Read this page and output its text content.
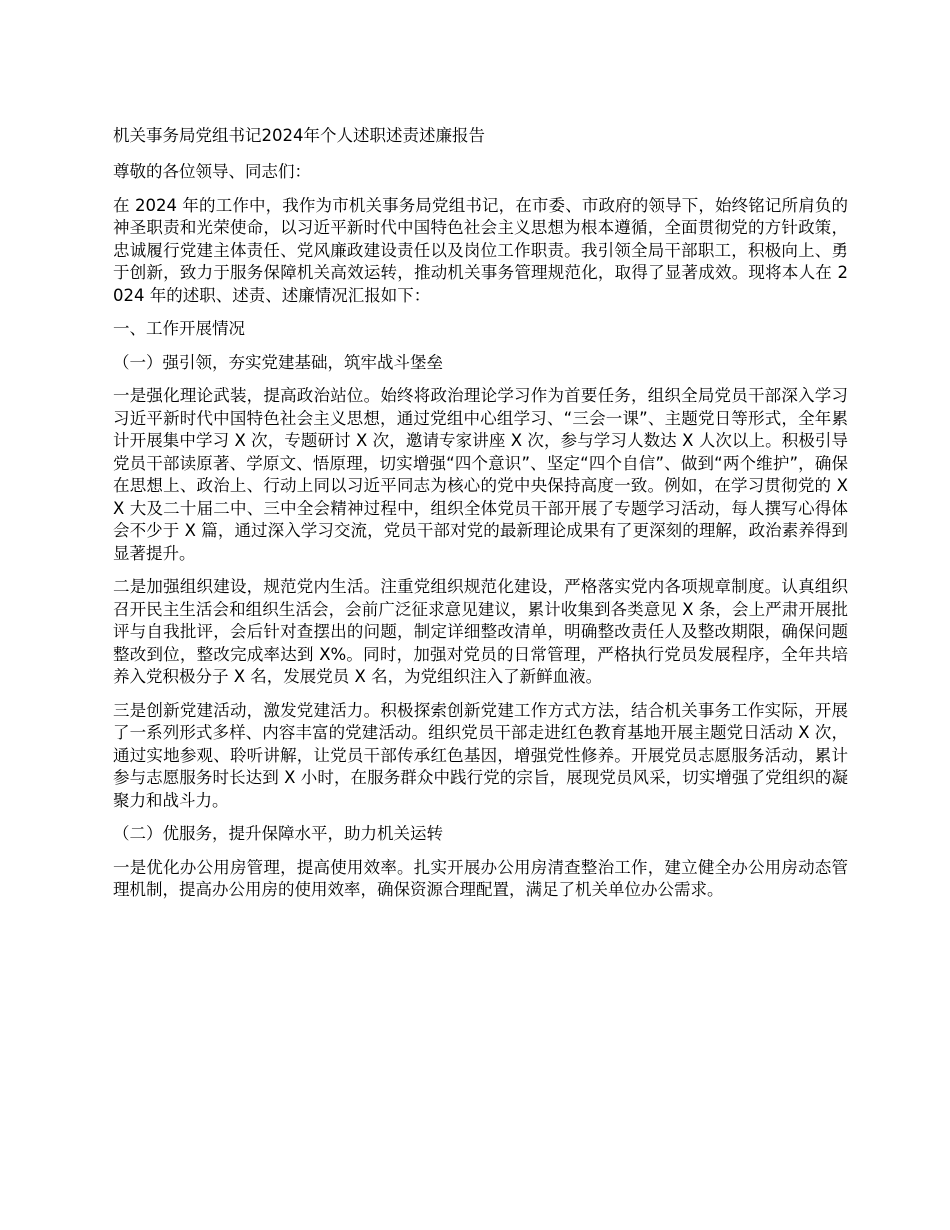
机关事务局党组书记2024年个人述职述责述廉报告
尊敬的各位领导、同志们：
在 2024 年的工作中，我作为市机关事务局党组书记，在市委、市政府的领导下，始终铭记所肩负的神圣职责和光荣使命，以习近平新时代中国特色社会主义思想为根本遵循，全面贯彻党的方针政策，忠诚履行党建主体责任、党风廉政建设责任以及岗位工作职责。我引领全局干部职工，积极向上、勇于创新，致力于服务保障机关高效运转，推动机关事务管理规范化，取得了显著成效。现将本人在 2024 年的述职、述责、述廉情况汇报如下：
一、工作开展情况
（一）强引领，夯实党建基础，筑牢战斗堡垒
一是强化理论武装，提高政治站位。始终将政治理论学习作为首要任务，组织全局党员干部深入学习习近平新时代中国特色社会主义思想，通过党组中心组学习、“三会一课”、主题党日等形式，全年累计开展集中学习 X 次，专题研讨 X 次，邀请专家讲座 X 次，参与学习人数达 X 人次以上。积极引导党员干部读原著、学原文、悟原理，切实增强“四个意识”、坚定“四个自信”、做到“两个维护”，确保在思想上、政治上、行动上同以习近平同志为核心的党中央保持高度一致。例如，在学习贯彻党的 XX 大及二十届二中、三中全会精神过程中，组织全体党员干部开展了专题学习活动，每人撰写心得体会不少于 X 篇，通过深入学习交流，党员干部对党的最新理论成果有了更深刻的理解，政治素养得到显著提升。
二是加强组织建设，规范党内生活。注重党组织规范化建设，严格落实党内各项规章制度。认真组织召开民主生活会和组织生活会，会前广泛征求意见建议，累计收集到各类意见 X 条，会上严肃开展批评与自我批评，会后针对查摆出的问题，制定详细整改清单，明确整改责任人及整改期限，确保问题整改到位，整改完成率达到 X%。同时，加强对党员的日常管理，严格执行党员发展程序，全年共培养入党积极分子 X 名，发展党员 X 名，为党组织注入了新鲜血液。
三是创新党建活动，激发党建活力。积极探索创新党建工作方式方法，结合机关事务工作实际，开展了一系列形式多样、内容丰富的党建活动。组织党员干部走进红色教育基地开展主题党日活动 X 次，通过实地参观、聆听讲解，让党员干部传承红色基因，增强党性修养。开展党员志愿服务活动，累计参与志愿服务时长达到 X 小时，在服务群众中践行党的宗旨，展现党员风采，切实增强了党组织的凝聚力和战斗力。
（二）优服务，提升保障水平，助力机关运转
一是优化办公用房管理，提高使用效率。扎实开展办公用房清查整治工作，建立健全办公用房动态管理机制，提高办公用房的使用效率，确保资源合理配置，满足了机关单位办公需求。
